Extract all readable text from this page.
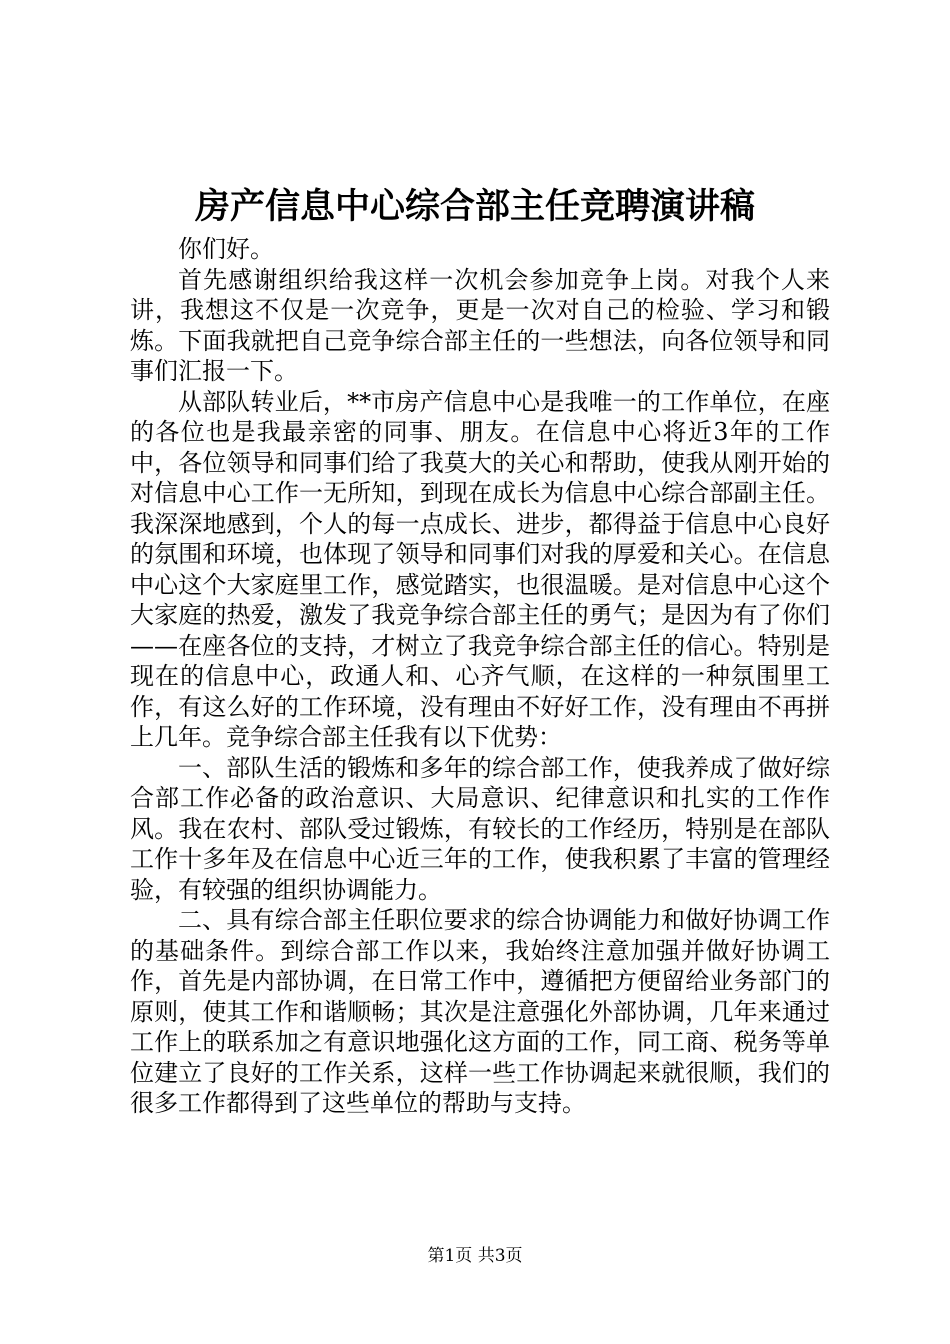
房产信息中心综合部主任竞聘演讲稿

你们好。

首先感谢组织给我这样一次机会参加竞争上岗。对我个人来讲，我想这不仅是一次竞争，更是一次对自己的检验、学习和锻炼。下面我就把自己竞争综合部主任的一些想法，向各位领导和同事们汇报一下。

从部队转业后，**市房产信息中心是我唯一的工作单位，在座的各位也是我最亲密的同事、朋友。在信息中心将近3年的工作中，各位领导和同事们给了我莫大的关心和帮助，使我从刚开始的对信息中心工作一无所知，到现在成长为信息中心综合部副主任。我深深地感到，个人的每一点成长、进步，都得益于信息中心良好的氛围和环境，也体现了领导和同事们对我的厚爱和关心。在信息中心这个大家庭里工作，感觉踏实，也很温暖。是对信息中心这个大家庭的热爱，激发了我竞争综合部主任的勇气；是因为有了你们——在座各位的支持，才树立了我竞争综合部主任的信心。特别是现在的信息中心，政通人和、心齐气顺，在这样的一种氛围里工作，有这么好的工作环境，没有理由不好好工作，没有理由不再拼上几年。竞争综合部主任我有以下优势：

一、部队生活的锻炼和多年的综合部工作，使我养成了做好综合部工作必备的政治意识、大局意识、纪律意识和扎实的工作作风。我在农村、部队受过锻炼，有较长的工作经历，特别是在部队工作十多年及在信息中心近三年的工作，使我积累了丰富的管理经验，有较强的组织协调能力。

二、具有综合部主任职位要求的综合协调能力和做好协调工作的基础条件。到综合部工作以来，我始终注意加强并做好协调工作，首先是内部协调，在日常工作中，遵循把方便留给业务部门的原则，使其工作和谐顺畅；其次是注意强化外部协调，几年来通过工作上的联系加之有意识地强化这方面的工作，同工商、税务等单位建立了良好的工作关系，这样一些工作协调起来就很顺，我们的很多工作都得到了这些单位的帮助与支持。

第1页 共3页
